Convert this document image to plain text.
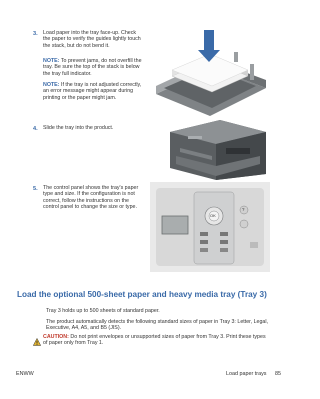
3. Load paper into the tray face-up. Check the paper to verify the guides lightly touch the stack, but do not bend it.
NOTE: To prevent jams, do not overfill the tray. Be sure the top of the stack is below the tray full indicator.
NOTE: If the tray is not adjusted correctly, an error message might appear during printing or the paper might jam.
4. Slide the tray into the product.
5. The control panel shows the tray's paper type and size. If the configuration is not correct, follow the instructions on the control panel to change the size or type.
OK
?
Load the optional 500-sheet paper and heavy media tray (Tray 3)
Tray 3 holds up to 500 sheets of standard paper.
The product automatically detects the following standard sizes of paper in Tray 3: Letter, Legal, Executive, A4, A5, and B5 (JIS).
CAUTION: Do not print envelopes or unsupported sizes of paper from Tray 3. Print these types of paper only from Tray 1.
ENWW	Load paper trays 85
